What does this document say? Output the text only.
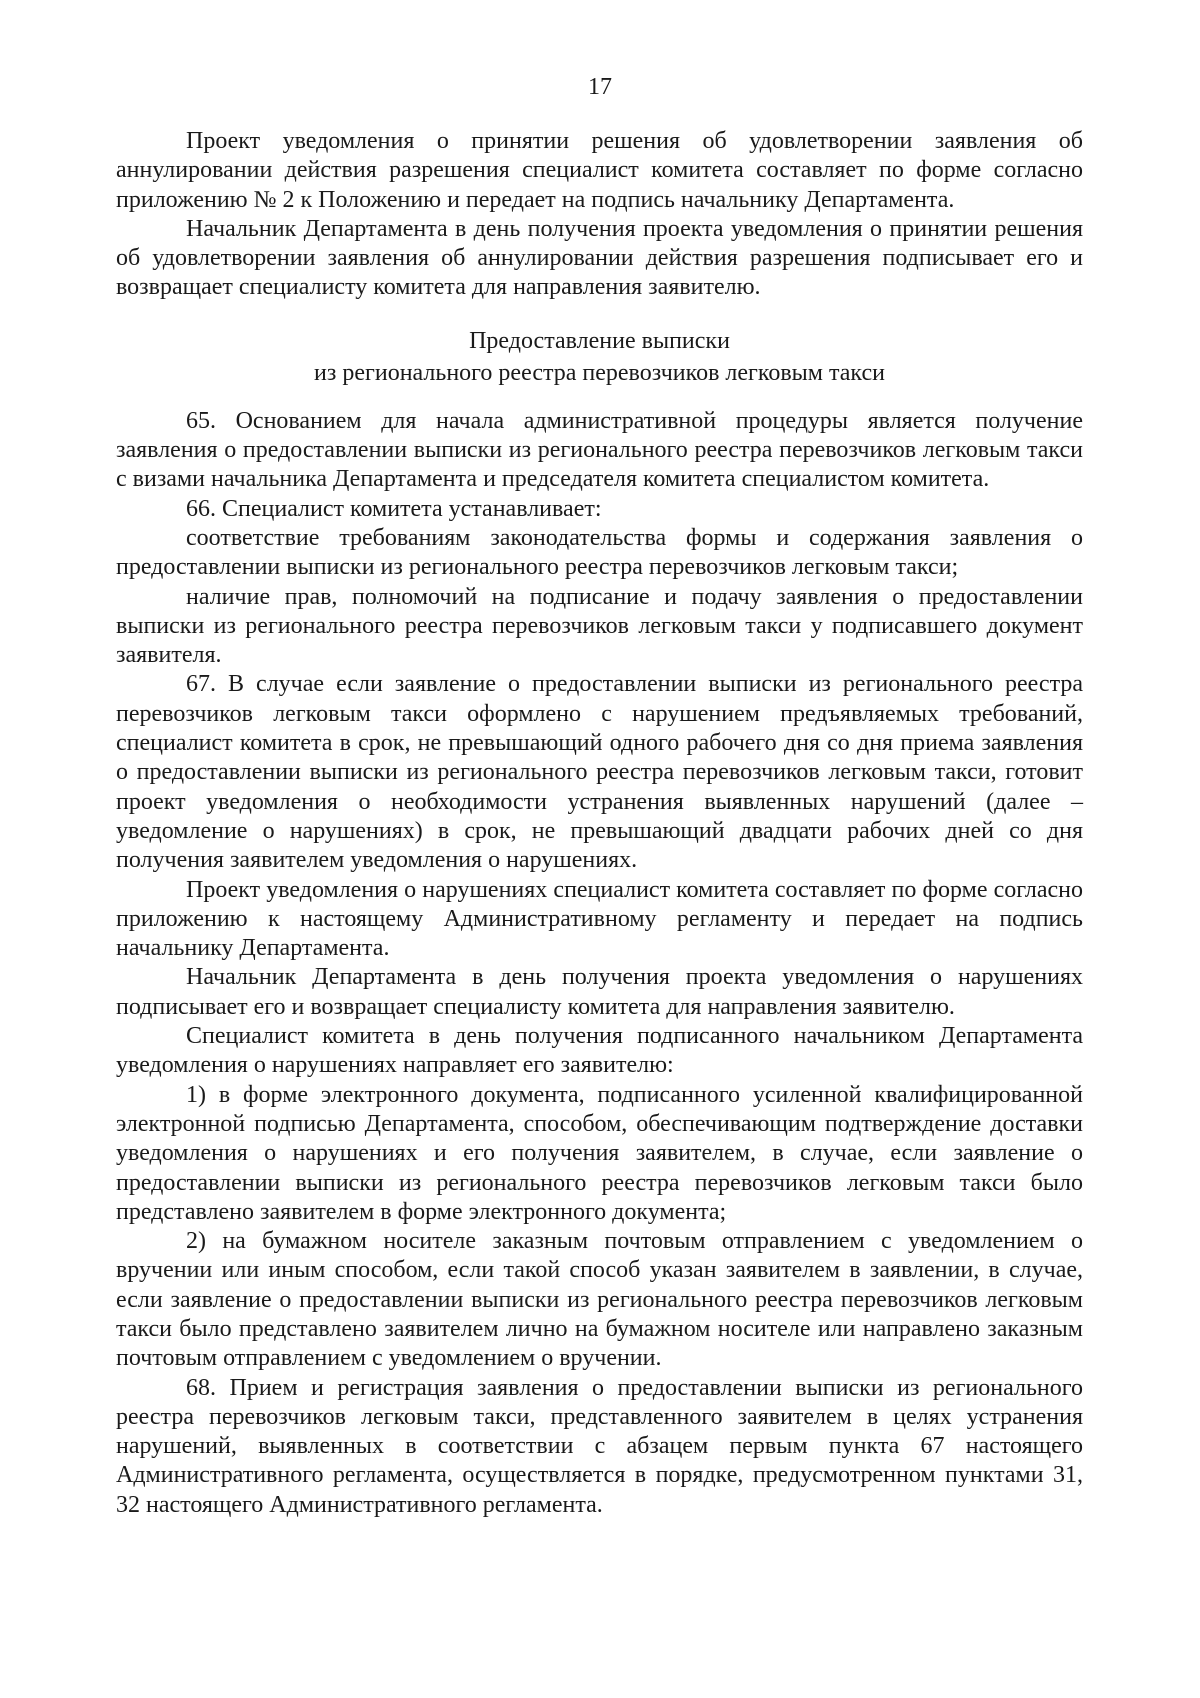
17

Проект уведомления о принятии решения об удовлетворении заявления об аннулировании действия разрешения специалист комитета составляет по форме согласно приложению № 2 к Положению и передает на подпись начальнику Департамента.

Начальник Департамента в день получения проекта уведомления о принятии решения об удовлетворении заявления об аннулировании действия разрешения подписывает его и возвращает специалисту комитета для направления заявителю.

Предоставление выписки
из регионального реестра перевозчиков легковым такси

65. Основанием для начала административной процедуры является получение заявления о предоставлении выписки из регионального реестра перевозчиков легковым такси с визами начальника Департамента и председателя комитета специалистом комитета.

66. Специалист комитета устанавливает:

соответствие требованиям законодательства формы и содержания заявления о предоставлении выписки из регионального реестра перевозчиков легковым такси;

наличие прав, полномочий на подписание и подачу заявления о предоставлении выписки из регионального реестра перевозчиков легковым такси у подписавшего документ заявителя.

67. В случае если заявление о предоставлении выписки из регионального реестра перевозчиков легковым такси оформлено с нарушением предъявляемых требований, специалист комитета в срок, не превышающий одного рабочего дня со дня приема заявления о предоставлении выписки из регионального реестра перевозчиков легковым такси, готовит проект уведомления о необходимости устранения выявленных нарушений (далее – уведомление о нарушениях) в срок, не превышающий двадцати рабочих дней со дня получения заявителем уведомления о нарушениях.

Проект уведомления о нарушениях специалист комитета составляет по форме согласно приложению к настоящему Административному регламенту и передает на подпись начальнику Департамента.

Начальник Департамента в день получения проекта уведомления о нарушениях подписывает его и возвращает специалисту комитета для направления заявителю.

Специалист комитета в день получения подписанного начальником Департамента уведомления о нарушениях направляет его заявителю:

1) в форме электронного документа, подписанного усиленной квалифицированной электронной подписью Департамента, способом, обеспечивающим подтверждение доставки уведомления о нарушениях и его получения заявителем, в случае, если заявление о предоставлении выписки из регионального реестра перевозчиков легковым такси было представлено заявителем в форме электронного документа;

2) на бумажном носителе заказным почтовым отправлением с уведомлением о вручении или иным способом, если такой способ указан заявителем в заявлении, в случае, если заявление о предоставлении выписки из регионального реестра перевозчиков легковым такси было представлено заявителем лично на бумажном носителе или направлено заказным почтовым отправлением с уведомлением о вручении.

68. Прием и регистрация заявления о предоставлении выписки из регионального реестра перевозчиков легковым такси, представленного заявителем в целях устранения нарушений, выявленных в соответствии с абзацем первым пункта 67 настоящего Административного регламента, осуществляется в порядке, предусмотренном пунктами 31, 32 настоящего Административного регламента.
